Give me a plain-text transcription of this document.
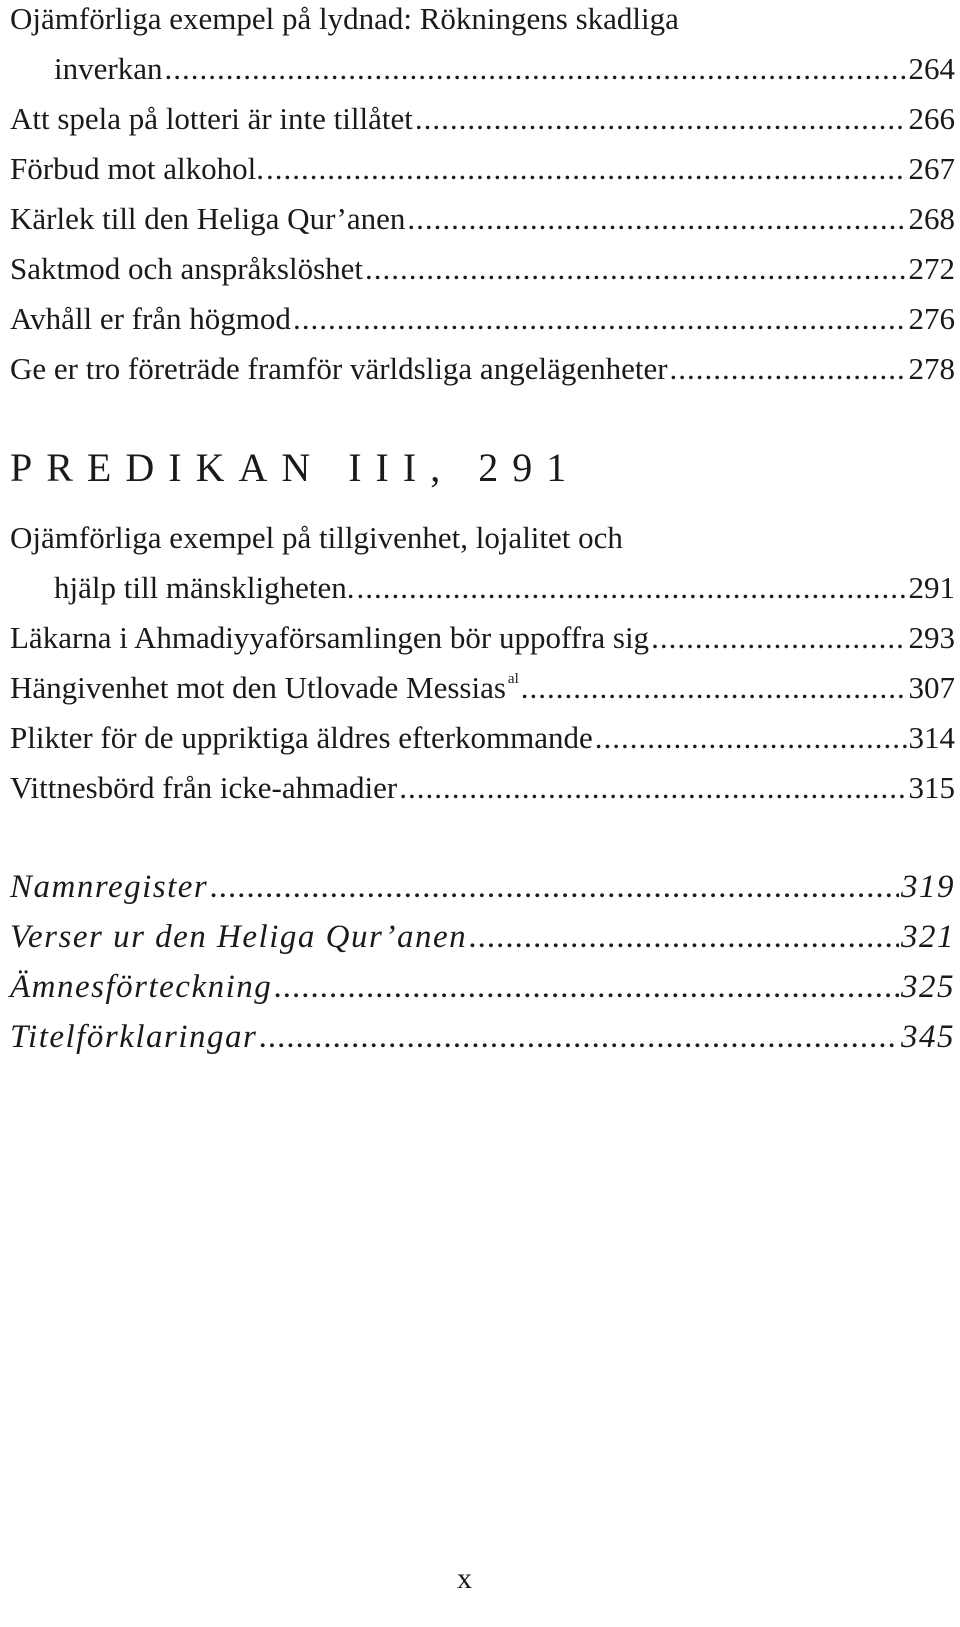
Ojämförliga exempel på lydnad: Rökningens skadliga
inverkan .....	264
Att spela på lotteri är inte tillåtet .....	266
Förbud mot alkohol. .....	267
Kärlek till den Heliga Qur’anen .....	268
Saktmod och anspråkslöshet .....	272
Avhåll er från högmod .....	276
Ge er tro företräde framför världsliga angelägenheter .....	278
PREDIKAN III, 291
Ojämförliga exempel på tillgivenhet, lojalitet och
hjälp till mänskligheten. .....	291
Läkarna i Ahmadiyyaförsamlingen bör uppoffra sig .....	293
Hängivenhet mot den Utlovade Messias $^{al}$ .....	307
Plikter för de uppriktiga äldres efterkommande .....	314
Vittnesbörd från icke-ahmadier .....	315
Namnregister .....	319
Verser ur den Heliga Qur’anen .....	321
Ämnesförteckning .....	325
Titelförklaringar .....	345
x
